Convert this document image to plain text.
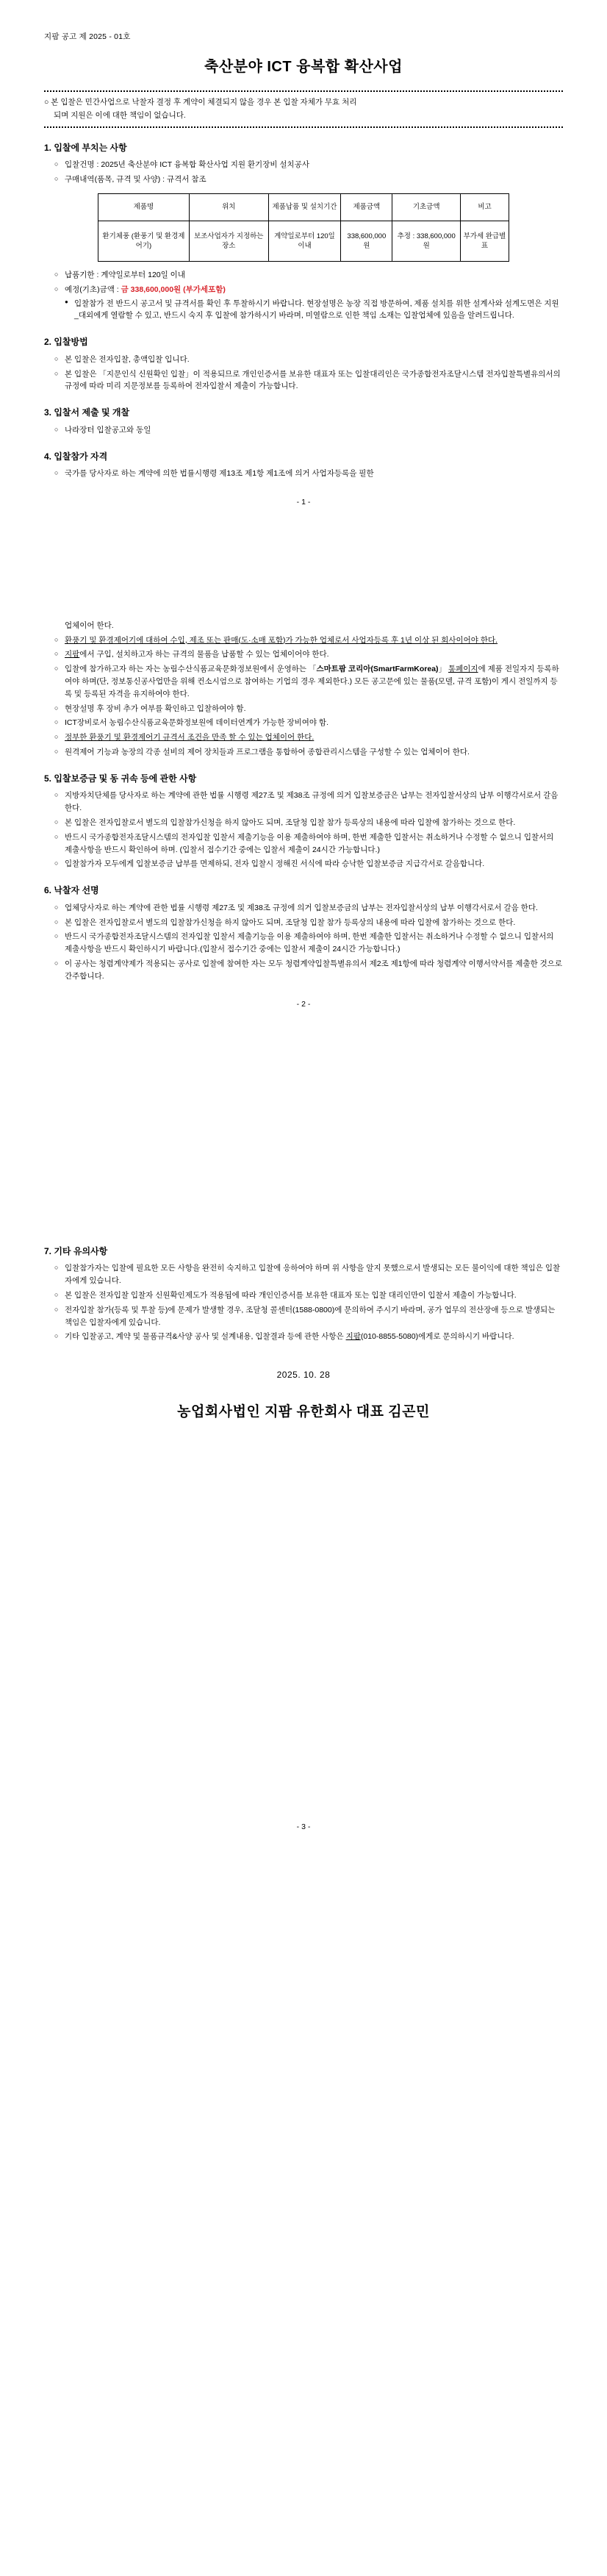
지팜 공고 제 2025 - 01호
축산분야 ICT 융복합 확산사업
○ 본 입찰은 민간사업으로 낙찰자 결정 후 계약이 체결되지 않을 경우 본 입찰 자체가 무효 처리
되며 지원은 이에 대한 책임이 없습니다.
1. 입찰에 부치는 사항
○ 입찰건명 : 2025년 축산분야 ICT 융복합 확산사업 지원 환기장비 설치공사
○ 구매내역(품목, 규격 및 사양) : 규격서 참조
제품명	위치	제품납품 및 설치기간	제품금액	기초금액	비고
환기체풍 (환풍기 및 환경제어기)	보조사업자가 지정하는 장소	계약일로부터 120일 이내	338,600,000 원	추정 : 338,600,000 원	부가세 완급별표
○ 납품기한 : 계약일로부터 120일 이내
○ 예정(기초)금액 : 금 338,600,000원 (부가세포함)
● 입찰참가 전 반드시 공고서 및 규격서를 확인 후 투찰하시기 바랍니다. 현장설명은 농장 직접 방문하여, 제품 설치를 위한 설계사와 설계도면은 지원_대외에게 열람할 수 있고, 반드시 숙지 후 입찰에 참가하시기 바라며, 미열람으로 인한 책임 소재는 입찰업체에 있음을 알려드립니다.
2. 입찰방법
○ 본 입찰은 전자입찰, 총액입찰 입니다.
○ 본 입찰은 「지문인식 신원확인 입찰」이 적용되므로 개인인증서를 보유한 대표자 또는 입찰대리인은 국가종합전자조달시스템 전자입찰특별유의서의 규정에 따라 미리 지문정보를 등록하여 전자입찰서 제출이 가능합니다.
3. 입찰서 제출 및 개찰
○ 나라장터 입찰공고와 동일
4. 입찰참가 자격
○ 국가를 당사자로 하는 계약에 의한 법률시행령 제13조 제1항 제1조에 의거 사업자등록을 필한
- 1 -
업체이어 한다.
○ 환풍기 및 환경제어기에 대하여 수입, 제조 또는 판매(도·소매 포함)가 가능한 업체로서 사업자등록 후 1년 이상 된 회사이어야 한다.
○ 지팜에서 구입, 설치하고자 하는 규격의 물품을 납품할 수 있는 업체이어야 한다.
○ 입찰에 참가하고자 하는 자는 농림수산식품교육문화정보원에서 운영하는 「스마트팜 코리아(SmartFarmKorea)」 통페이지에 제품 전일자지 등록하여야 하며(단, 정보통신공사업만을 위해 컨소시엄으로 참여하는 기업의 경우 제외한다.) 모든 공고문에 있는 물품(모델, 규격 포함)이 게시 전일까지 등록 및 등록된 자격을 유지하여야 한다.
○ 현장설명 후 장비 추가 여부를 확인하고 입찰하여야 함.
○ ICT장비로서 농림수산식품교육문화정보원에 데이터연계가 가능한 장비여야 함.
○ 정부한 환풍기 및 환경제어기 규격서 조건을 만족 할 수 있는 업체이어 한다.
○ 원격제어 기능과 농장의 각종 설비의 제어 장치들과 프로그램을 통합하여 종합관리시스템을 구성할 수 있는 업체이어 한다.
5. 입찰보증금 및 동 귀속 등에 관한 사항
○ 지방자치단체를 당사자로 하는 계약에 관한 법률 시행령 제27조 및 제38조 규정에 의거 입찰보증금은 납부는 전자입찰서상의 납부 이행각서로서 갈음 한다.
○ 본 입찰은 전자입찰로서 별도의 입찰참가신청을 하지 않아도 되며, 조달청 입찰 참가 등록상의 내용에 따라 입찰에 참가하는 것으로 한다.
○ 반드시 국가종합전자조달시스템의 전자입찰 입찰서 제출기능을 이용 제출하여야 하며, 한번 제출한 입찰서는 취소하거나 수정할 수 없으니 입찰서의 제출사항을 반드시 확인하여 하며. (입찰서 접수기간 중에는 입찰서 제출이 24시간 가능합니다.)
○ 입찰참가자 모두에게 입찰보증금 납부를 면제하되, 전자 입찰시 정해진 서식에 따라 승낙한 입찰보증금 지급각서로 갈음합니다.
6. 낙찰자 선명
○ 업체당사자로 하는 계약에 관한 법률 시행령 제27조 및 제38조 규정에 의거 입찰보증금의 납부는 전자입찰서상의 납부 이행각서로서 갈음 한다.
○ 본 입찰은 전자입찰로서 별도의 입찰참가신청을 하지 않아도 되며, 조달청 입찰 참가 등록상의 내용에 따라 입찰에 참가하는 것으로 한다.
○ 반드시 국가종합전자조달시스템의 전자입찰 입찰서 제출기능을 이용 제출하여야 하며, 한번 제출한 입찰서는 취소하거나 수정할 수 없으니 입찰서의 제출사항을 반드시 확인하시기 바랍니다.(입찰서 접수기간 중에는 입찰서 제출이 24시간 가능합니다.)
○ 이 공사는 청렴계약제가 적용되는 공사로 입찰에 참여한 자는 모두 청렴계약입찰특별유의서 제2조 제1항에 따라 청렴계약 이행서약서를 제출한 것으로 간주합니다.
- 2 -
7. 기타 유의사항
○ 입찰참가자는 입찰에 필요한 모든 사항을 완전히 숙지하고 입찰에 응하여야 하며 위 사항을 알지 못했으로서 발생되는 모든 불이익에 대한 책임은 입찰자에게 있습니다.
○ 본 입찰은 전자입찰 입찰자 신원확인제도가 적용됨에 따라 개인인증서를 보유한 대표자 또는 입찰 대리인만이 입찰서 제출이 가능합니다.
○ 전자입찰 참가(등록 및 투찰 등)에 문제가 발생할 경우, 조달청 콜센터(1588-0800)에 문의하여 주시기 바라며, 공가 업무의 전산장애 등으로 발생되는 책임은 입찰자에게 있습니다.
○ 기타 입찰공고, 계약 및 물품규격&사양 공사 및 설계내용, 입찰결과 등에 관한 사항은 지팜(010-8855-5080)에게로 문의하시기 바랍니다.
2025. 10. 28
농업회사법인 지팜 유한회사 대표 김곤민
- 3 -
